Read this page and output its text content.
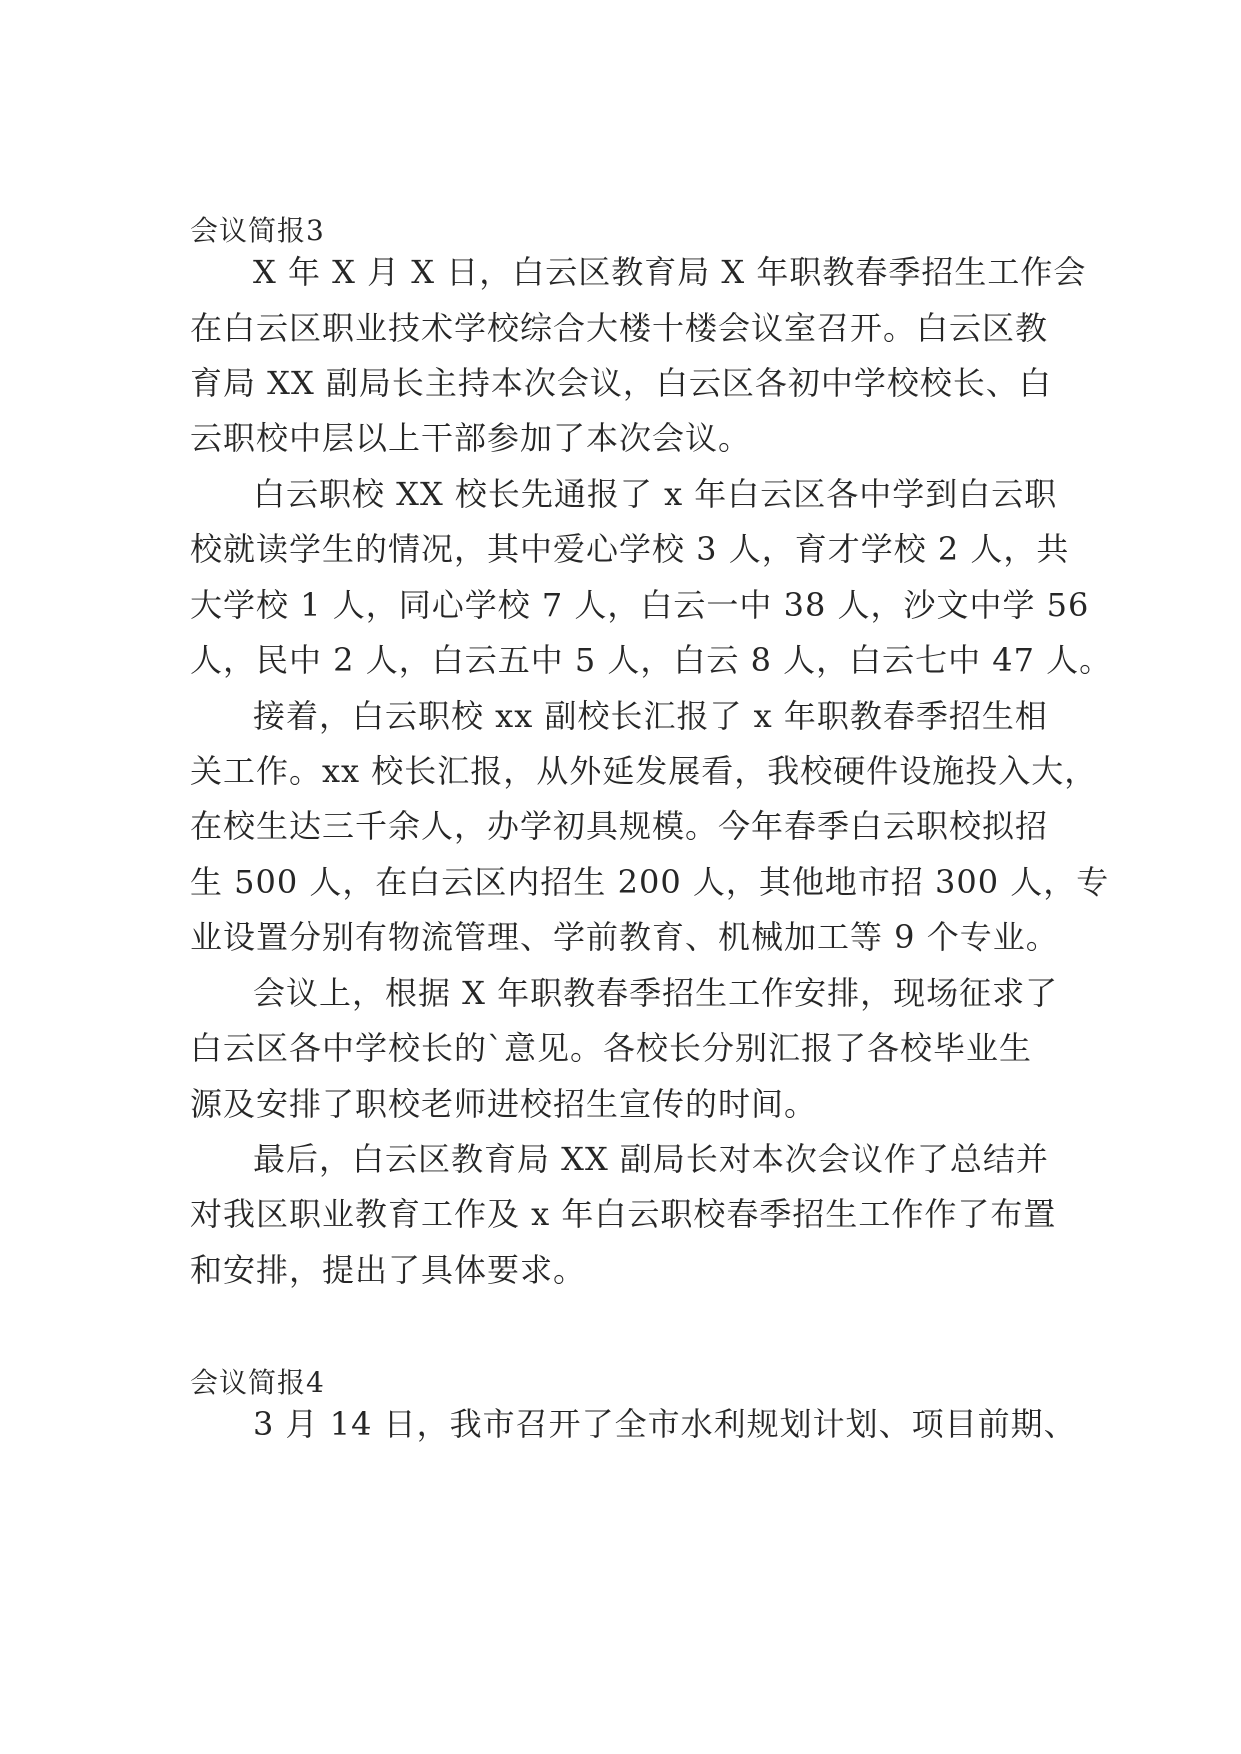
会议简报3
X 年 X 月 X 日，白云区教育局 X 年职教春季招生工作会
在白云区职业技术学校综合大楼十楼会议室召开。白云区教
育局 XX 副局长主持本次会议，白云区各初中学校校长、白
云职校中层以上干部参加了本次会议。
白云职校 XX 校长先通报了 x 年白云区各中学到白云职
校就读学生的情况，其中爱心学校 3 人，育才学校 2 人，共
大学校 1 人，同心学校 7 人，白云一中 38 人，沙文中学 56
人，民中 2 人，白云五中 5 人，白云 8 人，白云七中 47 人。
接着，白云职校 xx 副校长汇报了 x 年职教春季招生相
关工作。xx 校长汇报，从外延发展看，我校硬件设施投入大，
在校生达三千余人，办学初具规模。今年春季白云职校拟招
生 500 人，在白云区内招生 200 人，其他地市招 300 人，专
业设置分别有物流管理、学前教育、机械加工等 9 个专业。
会议上，根据 X 年职教春季招生工作安排，现场征求了
白云区各中学校长的`意见。各校长分别汇报了各校毕业生
源及安排了职校老师进校招生宣传的时间。
最后，白云区教育局 XX 副局长对本次会议作了总结并
对我区职业教育工作及 x 年白云职校春季招生工作作了布置
和安排，提出了具体要求。
会议简报4
3 月 14 日，我市召开了全市水利规划计划、项目前期、
